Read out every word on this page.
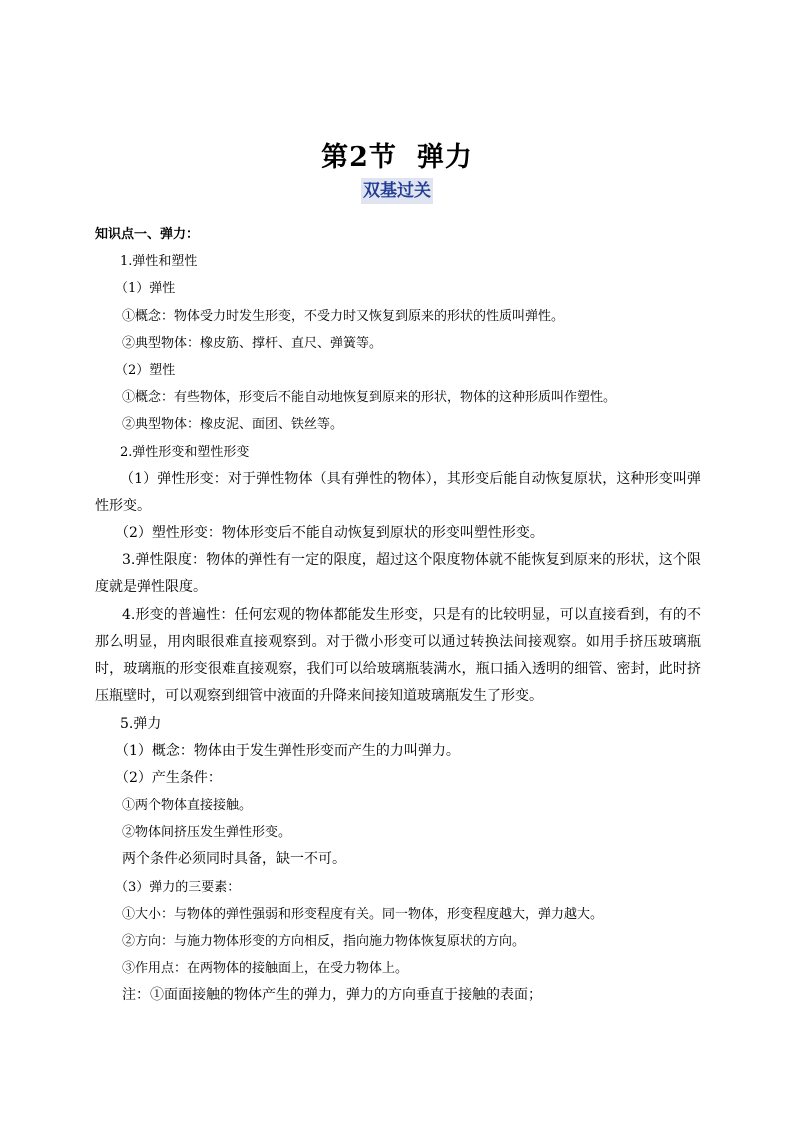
第2节 弹力
双基过关
知识点一、弹力：
1.弹性和塑性
（1）弹性
①概念：物体受力时发生形变，不受力时又恢复到原来的形状的性质叫弹性。
②典型物体：橡皮筋、撑杆、直尺、弹簧等。
（2）塑性
①概念：有些物体，形变后不能自动地恢复到原来的形状，物体的这种形质叫作塑性。
②典型物体：橡皮泥、面团、铁丝等。
2.弹性形变和塑性形变
（1）弹性形变：对于弹性物体（具有弹性的物体），其形变后能自动恢复原状，这种形变叫弹性形变。
（2）塑性形变：物体形变后不能自动恢复到原状的形变叫塑性形变。
3.弹性限度：物体的弹性有一定的限度，超过这个限度物体就不能恢复到原来的形状，这个限度就是弹性限度。
4.形变的普遍性：任何宏观的物体都能发生形变，只是有的比较明显，可以直接看到，有的不那么明显，用肉眼很难直接观察到。对于微小形变可以通过转换法间接观察。如用手挤压玻璃瓶时，玻璃瓶的形变很难直接观察，我们可以给玻璃瓶装满水，瓶口插入透明的细管、密封，此时挤压瓶壁时，可以观察到细管中液面的升降来间接知道玻璃瓶发生了形变。
5.弹力
（1）概念：物体由于发生弹性形变而产生的力叫弹力。
（2）产生条件：
①两个物体直接接触。
②物体间挤压发生弹性形变。
两个条件必须同时具备，缺一不可。
（3）弹力的三要素：
①大小：与物体的弹性强弱和形变程度有关。同一物体，形变程度越大，弹力越大。
②方向：与施力物体形变的方向相反，指向施力物体恢复原状的方向。
③作用点：在两物体的接触面上，在受力物体上。
注：①面面接触的物体产生的弹力，弹力的方向垂直于接触的表面；
